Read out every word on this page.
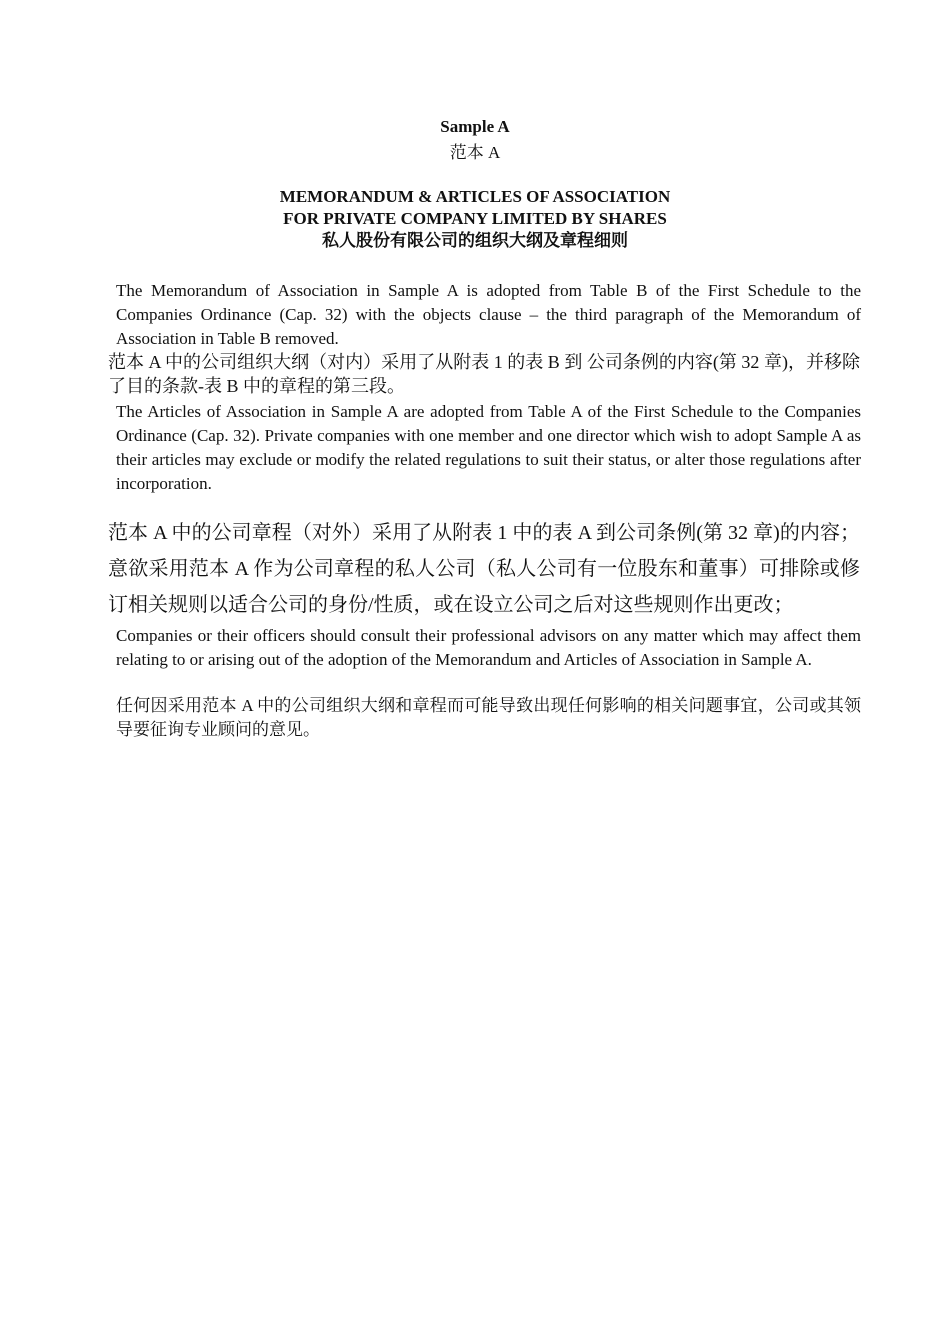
Sample A
范本 A
MEMORANDUM & ARTICLES OF ASSOCIATION
FOR PRIVATE COMPANY LIMITED BY SHARES
私人股份有限公司的组织大纲及章程细则
The Memorandum of Association in Sample A is adopted from Table B of the First Schedule to the Companies Ordinance (Cap. 32) with the objects clause – the third paragraph of the Memorandum of Association in Table B removed.
范本 A 中的公司组织大纲（对内）采用了从附表 1 的表 B 到 公司条例的内容(第 32 章)，并移除了目的条款-表 B 中的章程的第三段。
The Articles of Association in Sample A are adopted from Table A of the First Schedule to the Companies Ordinance (Cap. 32). Private companies with one member and one director which wish to adopt Sample A as their articles may exclude or modify the related regulations to suit their status, or alter those regulations after incorporation.
范本 A 中的公司章程（对外）采用了从附表 1 中的表 A 到公司条例(第 32 章)的内容；意欲采用范本 A 作为公司章程的私人公司（私人公司有一位股东和董事）可排除或修订相关规则以适合公司的身份/性质，或在设立公司之后对这些规则作出更改；
Companies or their officers should consult their professional advisors on any matter which may affect them relating to or arising out of the adoption of the Memorandum and Articles of Association in Sample A.
任何因采用范本 A 中的公司组织大纲和章程而可能导致出现任何影响的相关问题事宜，公司或其领导要征询专业顾问的意见。
